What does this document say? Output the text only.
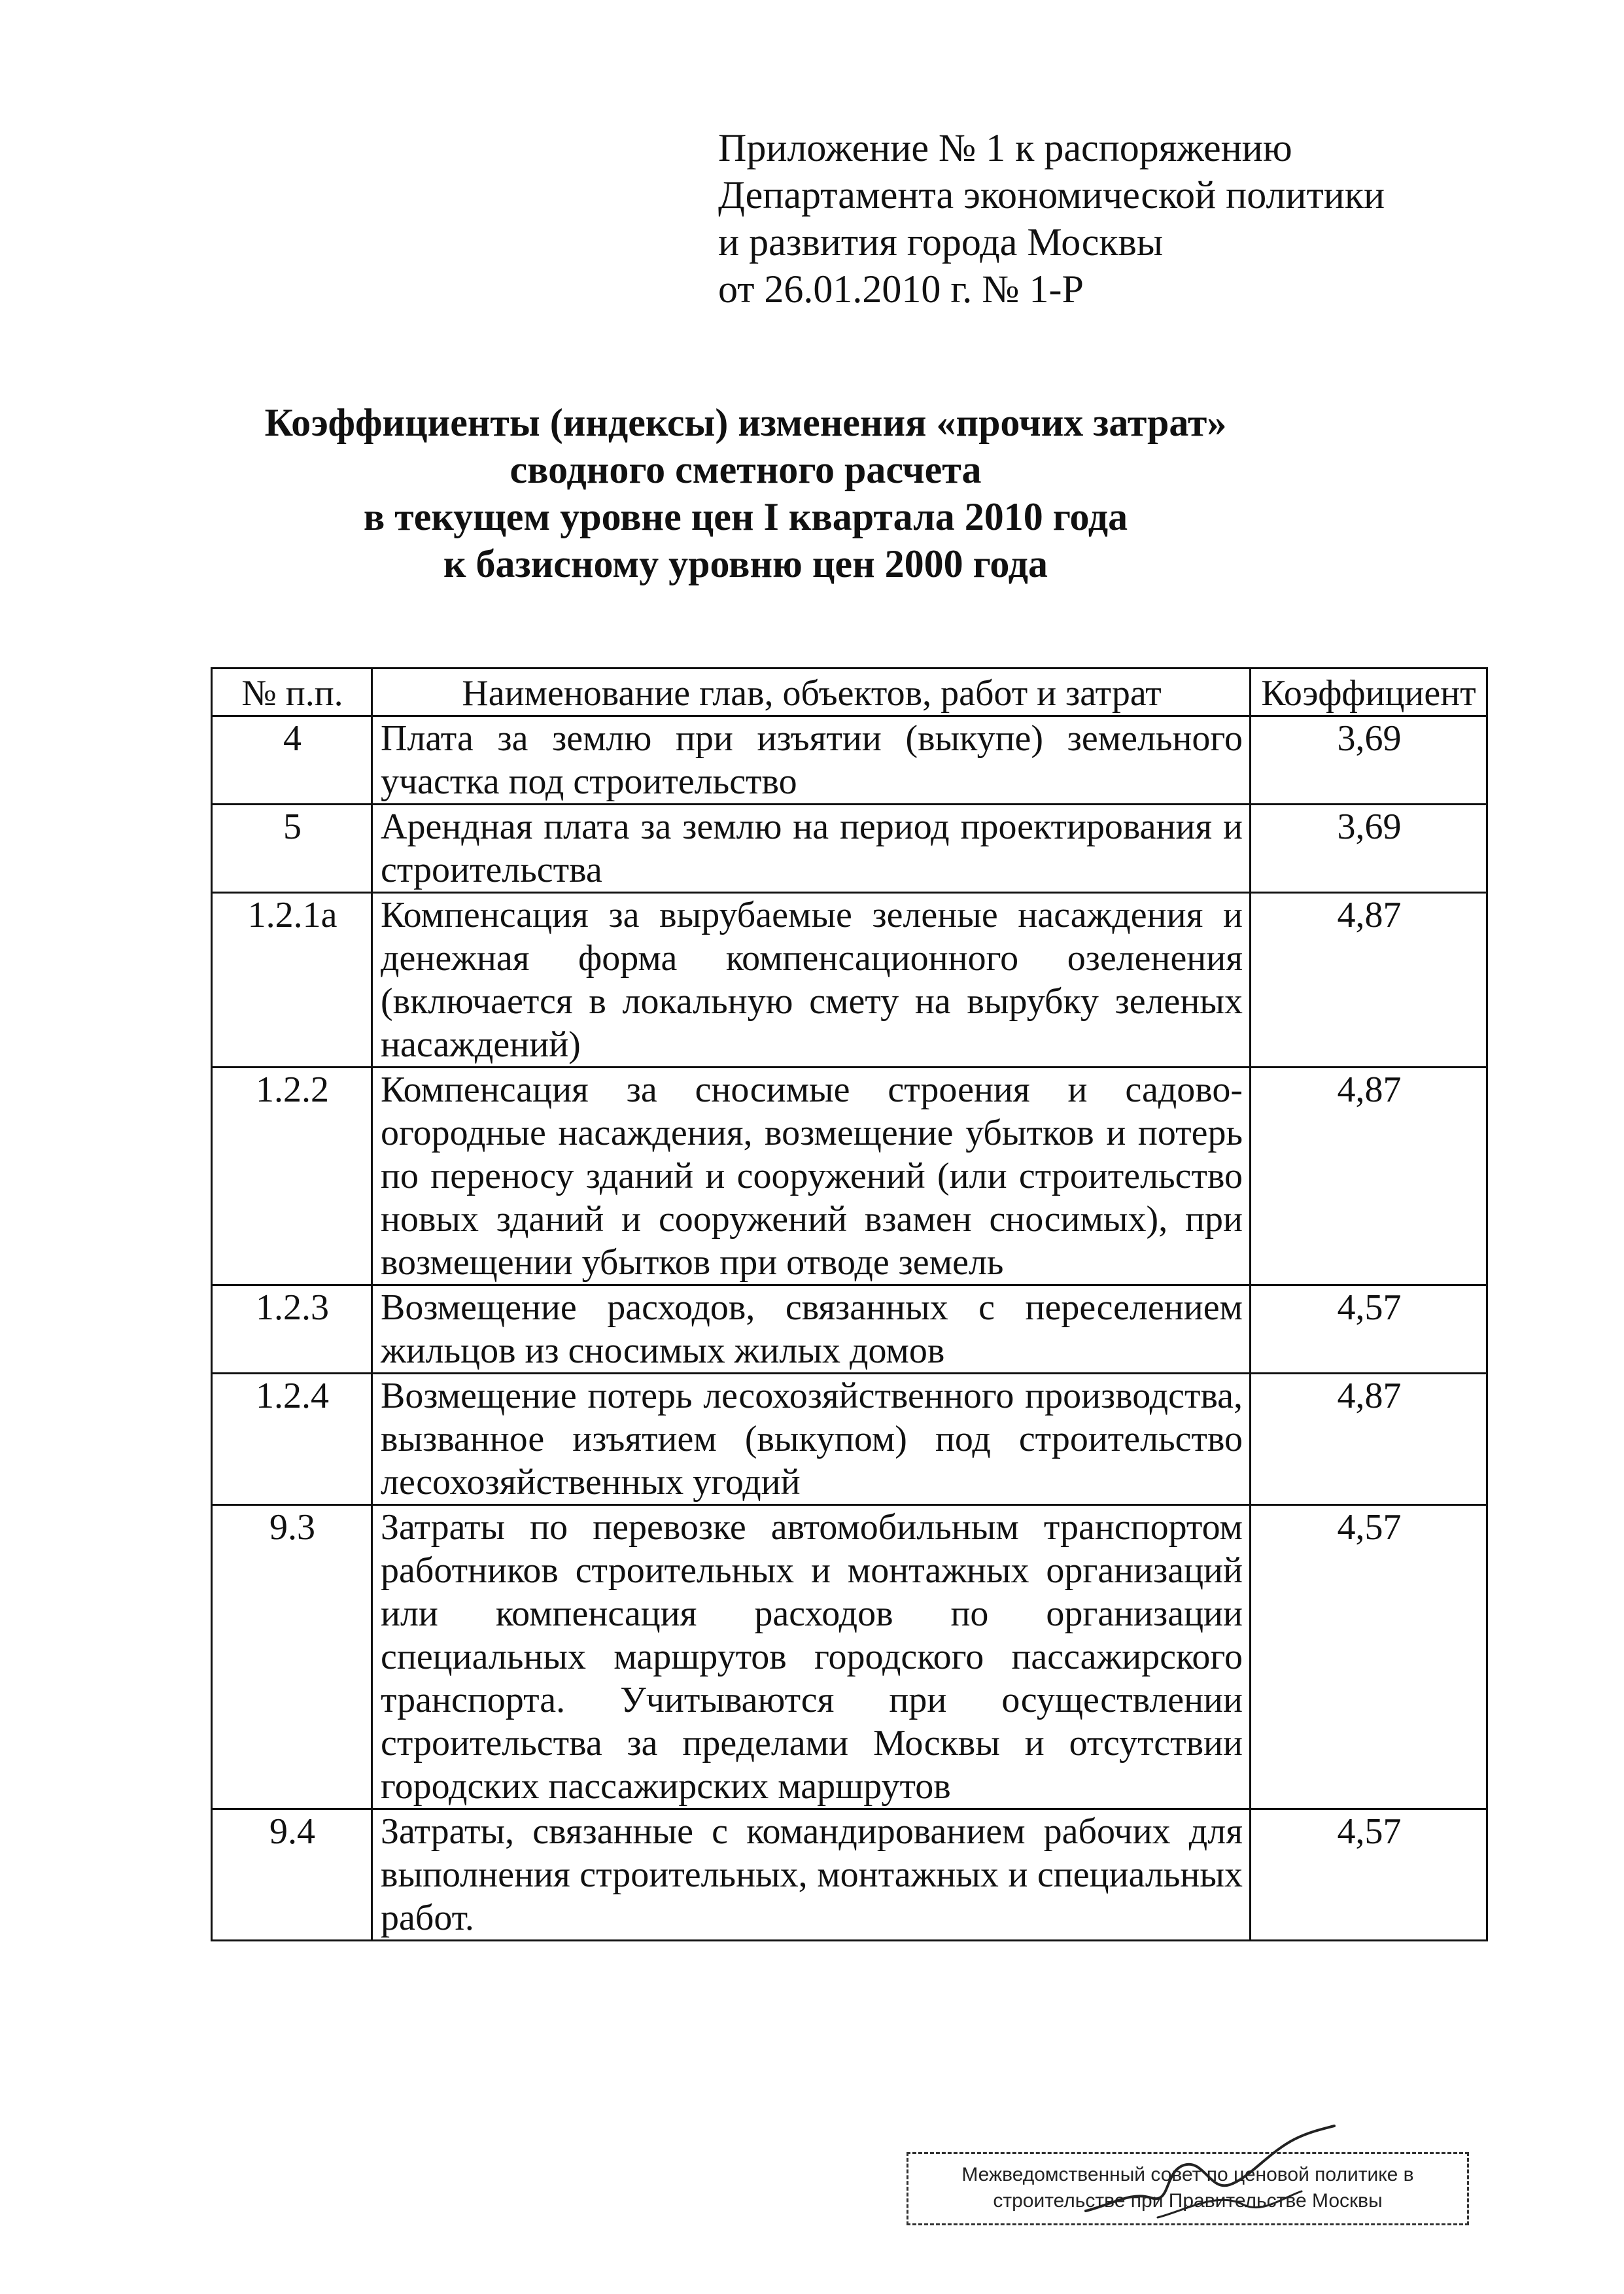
Приложение № 1 к распоряжению
Департамента экономической политики
и развития города Москвы
от 26.01.2010 г. № 1-Р
Коэффициенты (индексы) изменения «прочих затрат»
сводного сметного расчета
в текущем уровне цен I квартала 2010 года
к базисному уровню цен 2000 года
№ п.п.	Наименование глав, объектов, работ и затрат	Коэффициент
4	Плата за землю при изъятии (выкупе) земельного участка под строительство	3,69
5	Арендная плата за землю на период проектирования и строительства	3,69
1.2.1а	Компенсация за вырубаемые зеленые насаждения и денежная форма компенсационного озеленения (включается в локальную смету на вырубку зеленых насаждений)	4,87
1.2.2	Компенсация за сносимые строения и садово-огородные насаждения, возмещение убытков и потерь по переносу зданий и сооружений (или строительство новых зданий и сооружений взамен сносимых), при возмещении убытков при отводе земель	4,87
1.2.3	Возмещение расходов, связанных с переселением жильцов из сносимых жилых домов	4,57
1.2.4	Возмещение потерь лесохозяйственного производства, вызванное изъятием (выкупом) под строительство лесохозяйственных угодий	4,87
9.3	Затраты по перевозке автомобильным транспортом работников строительных и монтажных организаций или компенсация расходов по организации специальных маршрутов городского пассажирского транспорта. Учитываются при осуществлении строительства за пределами Москвы и отсутствии городских пассажирских маршрутов	4,57
9.4	Затраты, связанные с командированием рабочих для выполнения строительных, монтажных и специальных работ.	4,57
Межведомственный совет по ценовой политике в
строительстве при Правительстве Москвы
